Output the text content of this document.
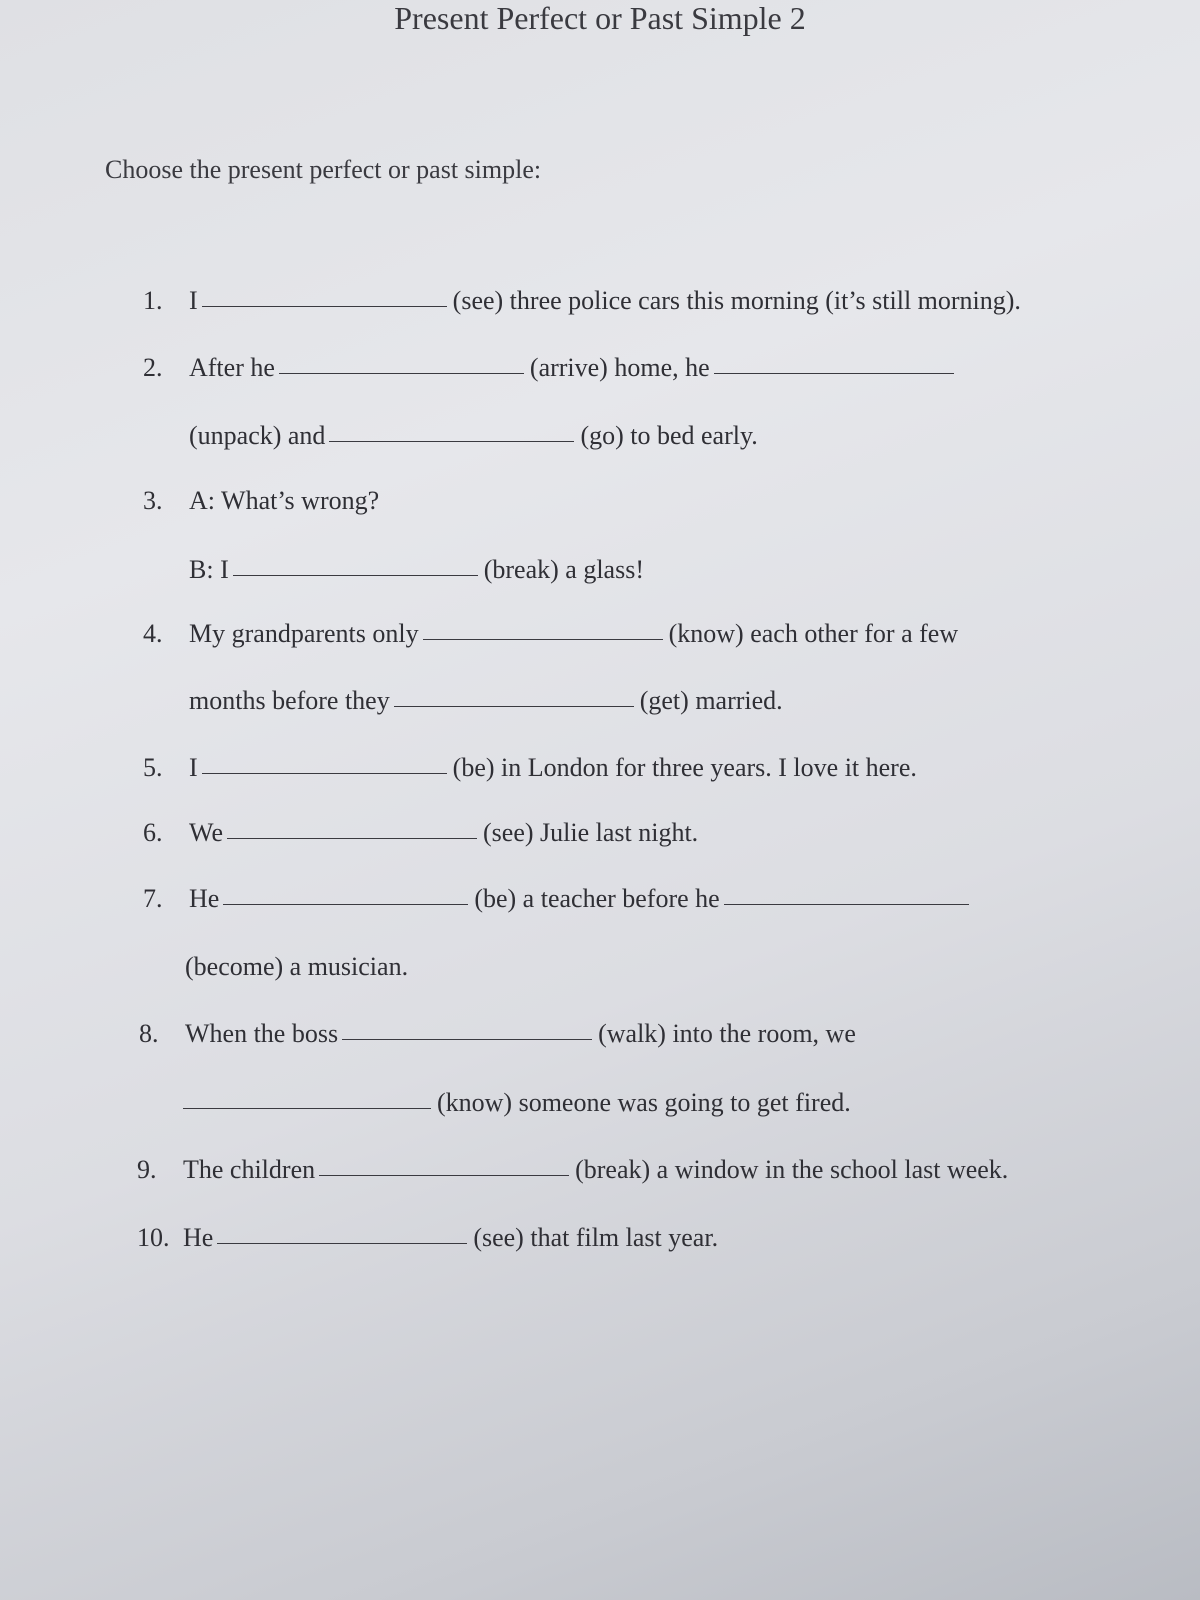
Present Perfect or Past Simple 2
Choose the present perfect or past simple:
1. I	(see) three police cars this morning (it’s still morning).
2. After he	(arrive) home, he
(unpack) and	(go) to bed early.
3. A: What’s wrong?
B: I	(break) a glass!
4. My grandparents only	(know) each other for a few
months before they	(get) married.
5. I	(be) in London for three years. I love it here.
6. We	(see) Julie last night.
7. He	(be) a teacher before he
(become) a musician.
8. When the boss	(walk) into the room, we
(know) someone was going to get fired.
9. The children	(break) a window in the school last week.
10. He	(see) that film last year.
